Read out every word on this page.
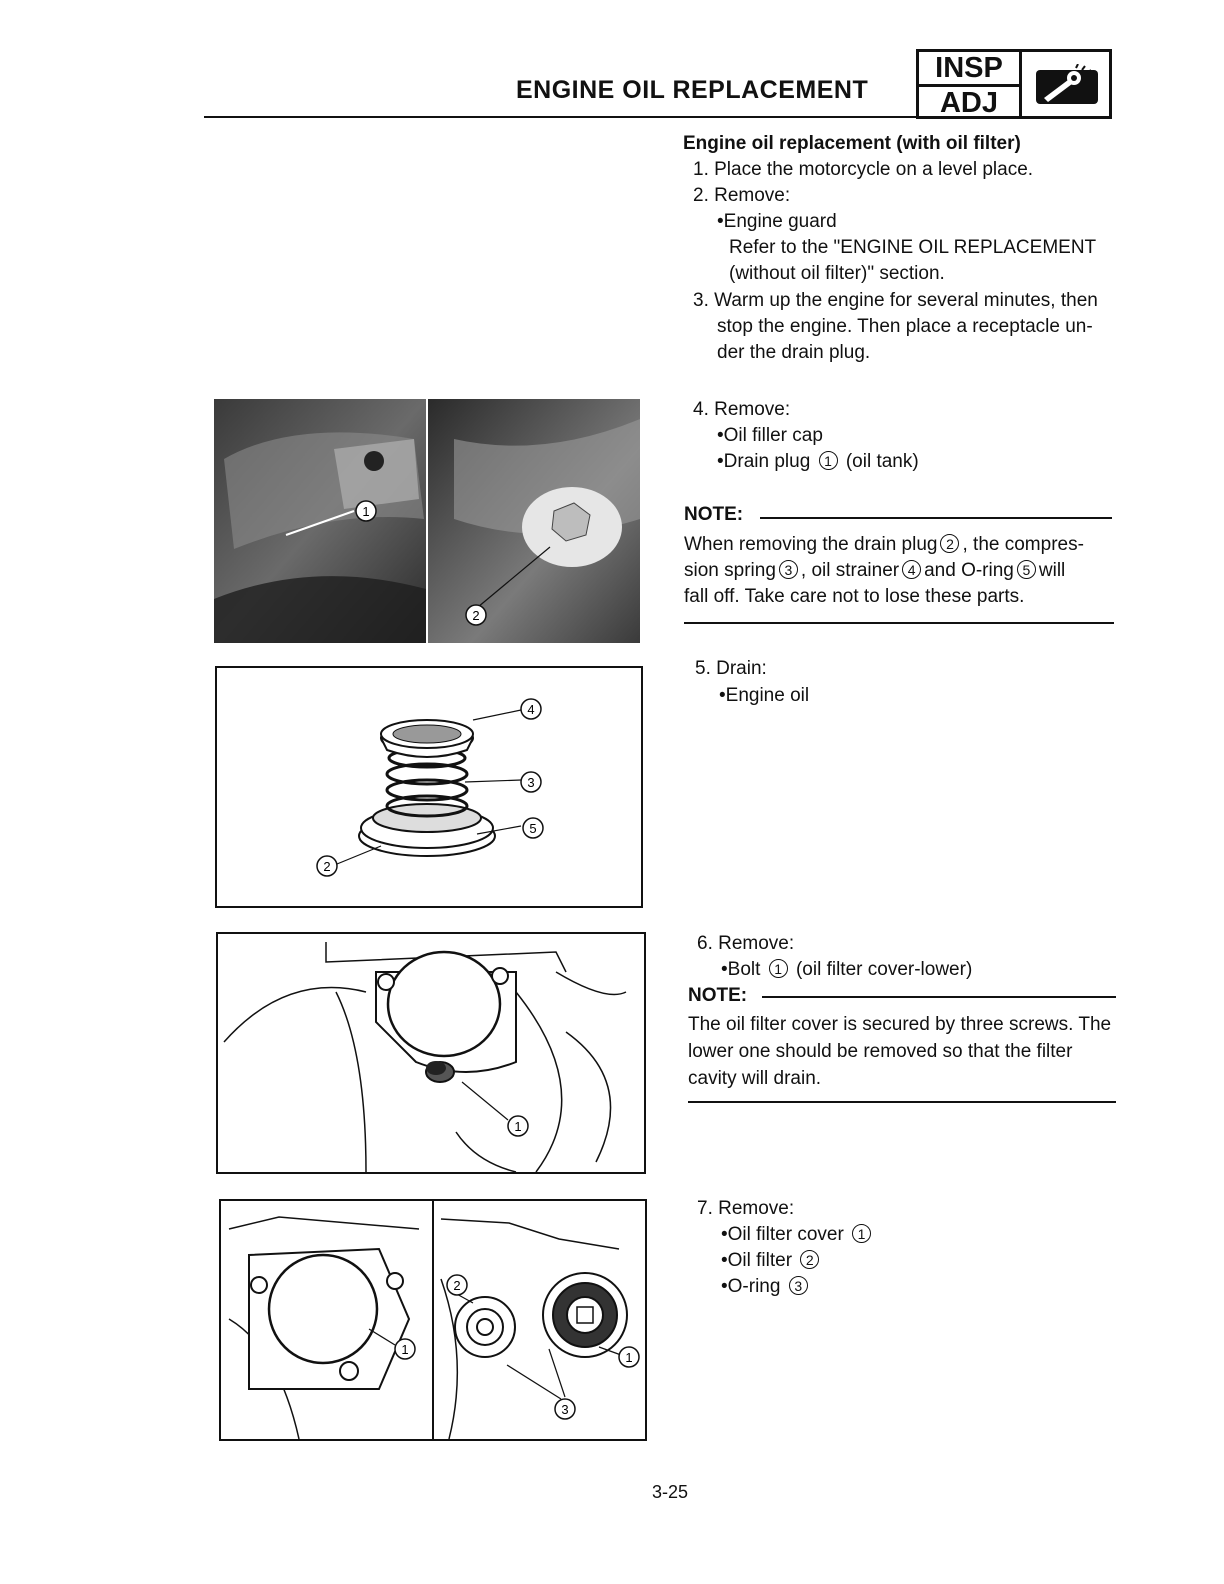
ENGINE OIL REPLACEMENT
INSP
ADJ
Engine oil replacement (with oil filter)
1. Place the motorcycle on a level place.
2. Remove:
•Engine guard
Refer to the "ENGINE OIL REPLACEMENT
(without oil filter)" section.
3. Warm up the engine for several minutes, then
stop the engine. Then place a receptacle un-
der the drain plug.
4. Remove:
•Oil filler cap
•Drain plug 1 (oil tank)
NOTE:
When removing the drain plug 2 , the compres-
sion spring 3 , oil strainer 4 and O-ring 5 will
fall off. Take care not to lose these parts.
5. Drain:
•Engine oil
6. Remove:
•Bolt 1 (oil filter cover-lower)
NOTE:
The oil filter cover is secured by three screws. The
lower one should be removed so that the filter
cavity will drain.
7. Remove:
•Oil filter cover 1
•Oil filter 2
•O-ring 3
1
2
4
3
5
2
1
1
2
1
3
3-25
